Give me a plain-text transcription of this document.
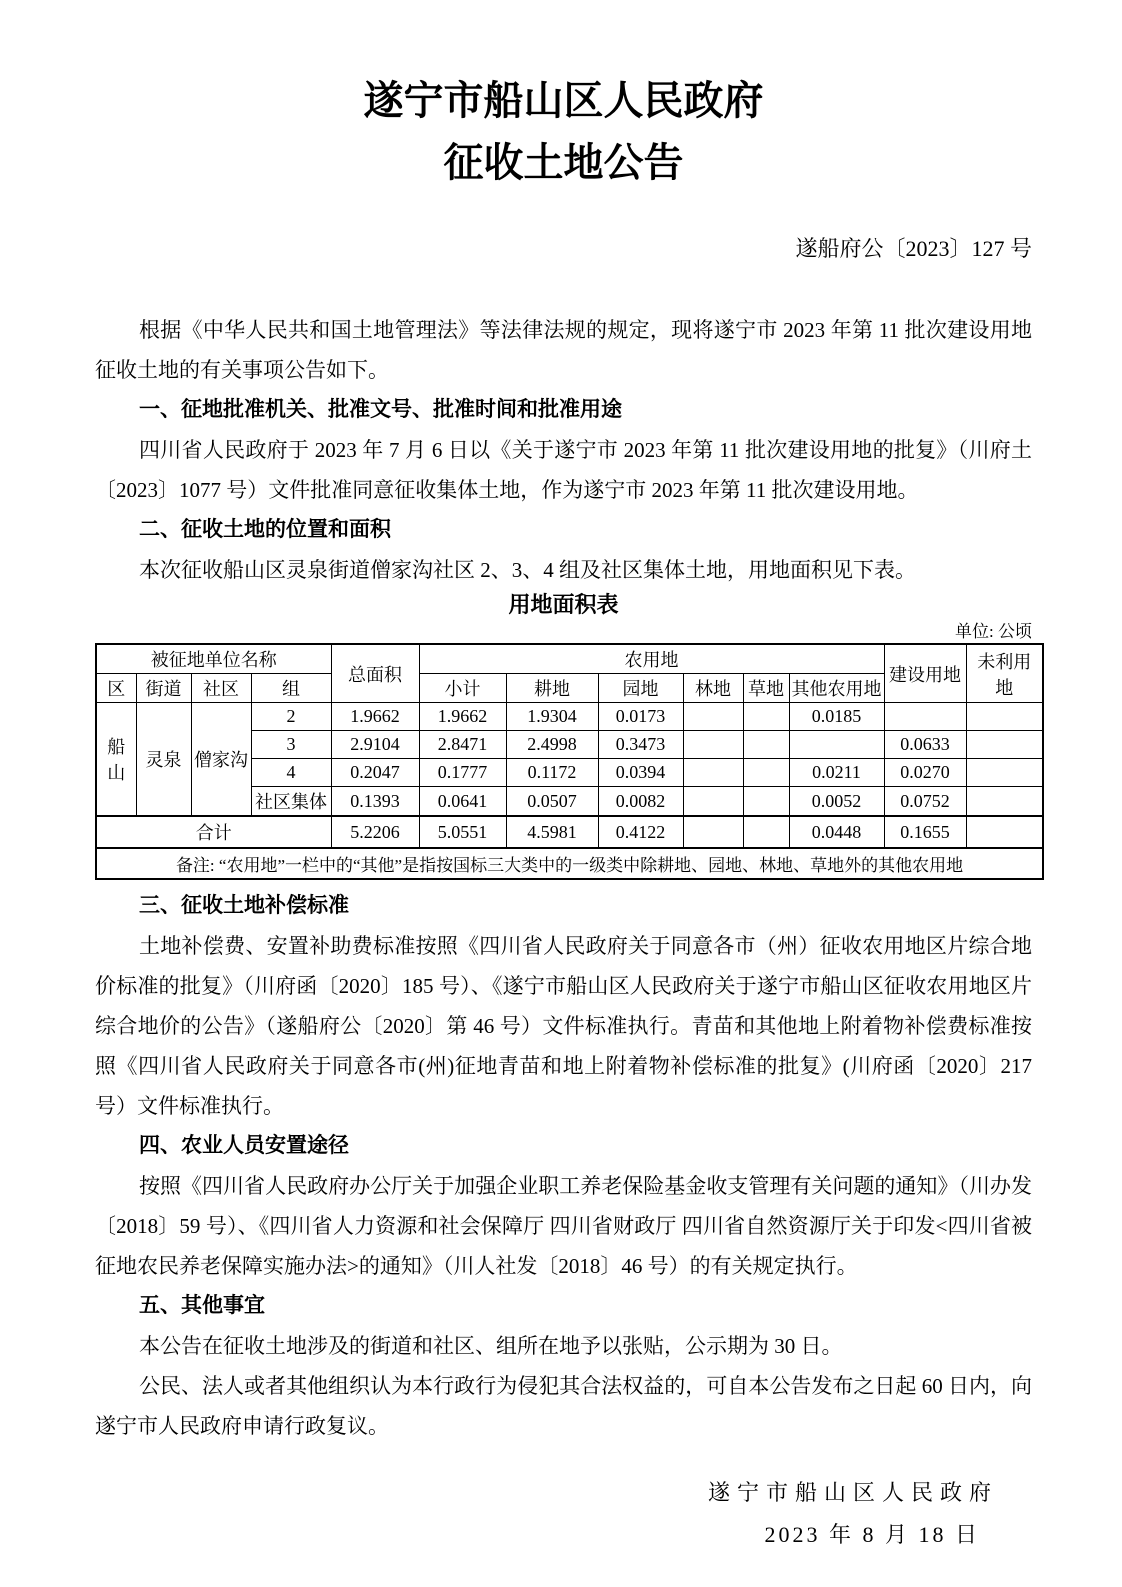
遂宁市船山区人民政府
征收土地公告
遂船府公〔2023〕127 号

根据《中华人民共和国土地管理法》等法律法规的规定，现将遂宁市 2023 年第 11 批次建设用地征收土地的有关事项公告如下。

一、征地批准机关、批准文号、批准时间和批准用途

四川省人民政府于 2023 年 7 月 6 日以《关于遂宁市 2023 年第 11 批次建设用地的批复》（川府土〔2023〕1077 号）文件批准同意征收集体土地，作为遂宁市 2023 年第 11 批次建设用地。

二、征收土地的位置和面积

本次征收船山区灵泉街道僧家沟社区 2、3、4 组及社区集体土地，用地面积见下表。

用地面积表
单位: 公顷
被征地单位名称				总面积	农用地						建设用地	未利用地
区	街道	社区	组		小计	耕地	园地	林地	草地	其他农用地		
船山	灵泉	僧家沟	2	1.9662	1.9662	1.9304	0.0173			0.0185		
			3	2.9104	2.8471	2.4998	0.3473				0.0633	
			4	0.2047	0.1777	0.1172	0.0394			0.0211	0.0270	
			社区集体	0.1393	0.0641	0.0507	0.0082			0.0052	0.0752	
合计				5.2206	5.0551	4.5981	0.4122			0.0448	0.1655	
备注: “农用地”一栏中的“其他”是指按国标三大类中的一级类中除耕地、园地、林地、草地外的其他农用地												

三、征收土地补偿标准

土地补偿费、安置补助费标准按照《四川省人民政府关于同意各市（州）征收农用地区片综合地价标准的批复》（川府函〔2020〕185 号）、《遂宁市船山区人民政府关于遂宁市船山区征收农用地区片综合地价的公告》（遂船府公〔2020〕第 46 号）文件标准执行。青苗和其他地上附着物补偿费标准按照《四川省人民政府关于同意各市(州)征地青苗和地上附着物补偿标准的批复》(川府函〔2020〕217 号）文件标准执行。

四、农业人员安置途径

按照《四川省人民政府办公厅关于加强企业职工养老保险基金收支管理有关问题的通知》（川办发〔2018〕59 号）、《四川省人力资源和社会保障厅 四川省财政厅 四川省自然资源厅关于印发<四川省被征地农民养老保障实施办法>的通知》（川人社发〔2018〕46 号）的有关规定执行。

五、其他事宜

本公告在征收土地涉及的街道和社区、组所在地予以张贴，公示期为 30 日。

公民、法人或者其他组织认为本行政行为侵犯其合法权益的，可自本公告发布之日起 60 日内，向遂宁市人民政府申请行政复议。

遂宁市船山区人民政府
2023 年 8 月 18 日
